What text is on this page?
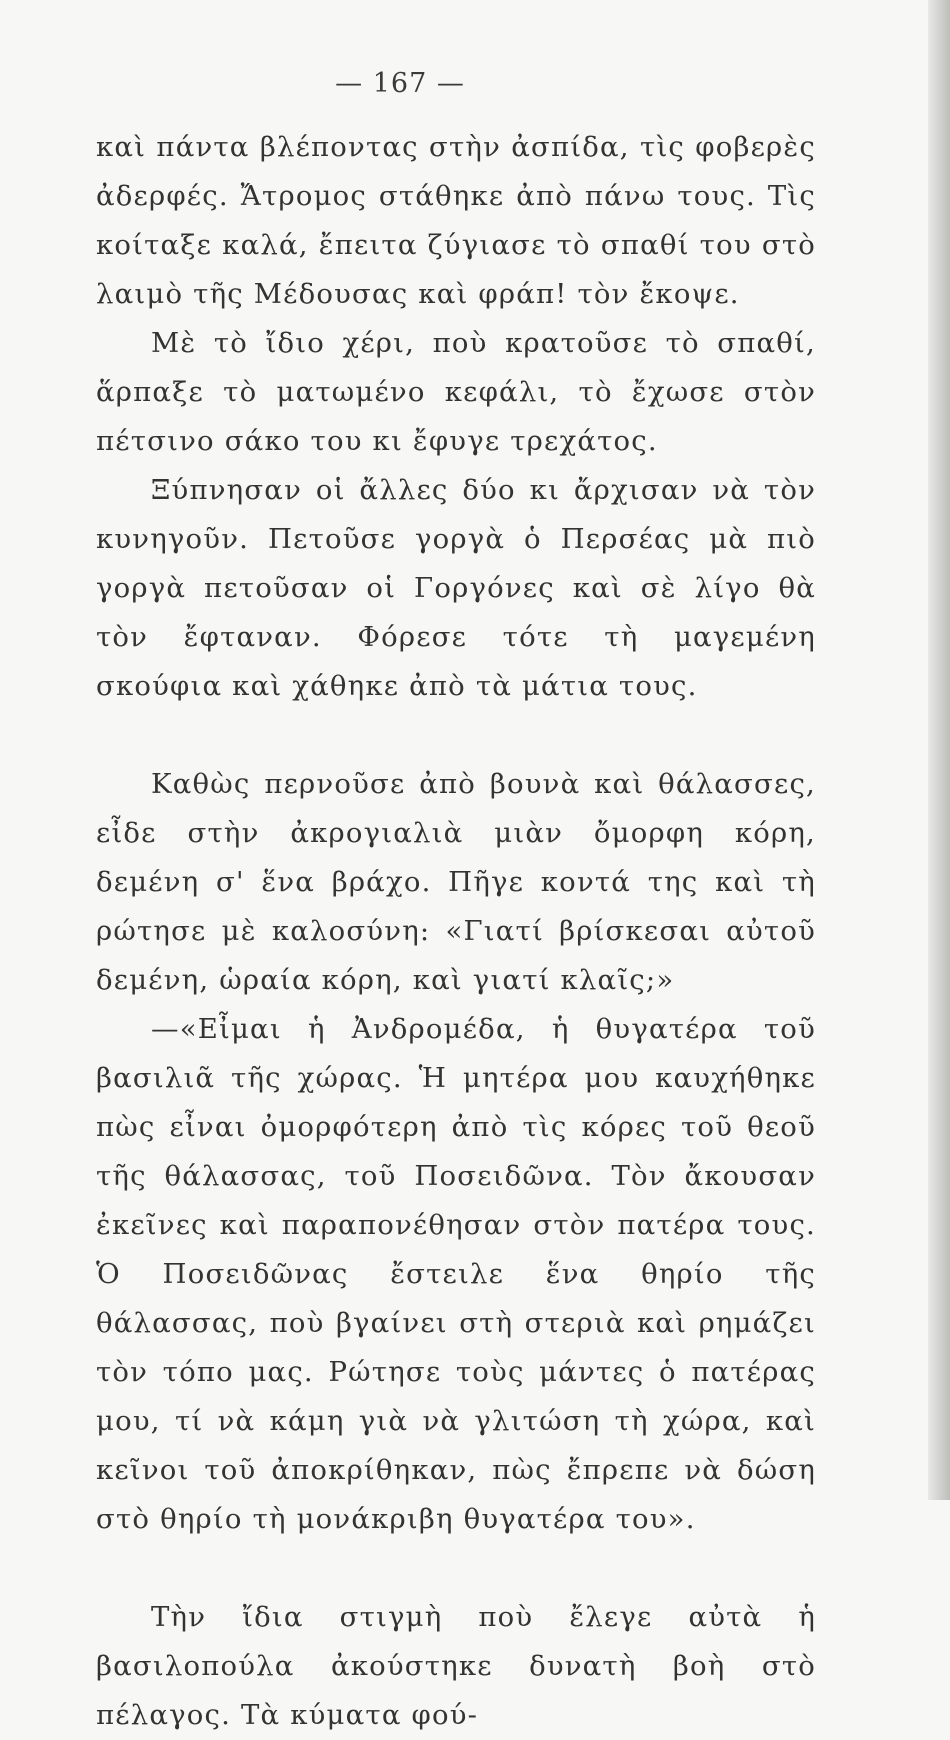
— 167 —

καὶ πάντα βλέποντας στὴν ἀσπίδα, τὶς φοβερὲς ἀδερφές. Ἄτρομος στάθηκε ἀπὸ πάνω τους. Τὶς κοίταξε καλά, ἔπειτα ζύγιασε τὸ σπαθί του στὸ λαιμὸ τῆς Μέδουσας καὶ φράπ! τὸν ἔκοψε.

Μὲ τὸ ἴδιο χέρι, ποὺ κρατοῦσε τὸ σπαθί, ἅρπαξε τὸ ματωμένο κεφάλι, τὸ ἔχωσε στὸν πέτσινο σάκο του κι ἔφυγε τρεχάτος.

Ξύπνησαν οἱ ἄλλες δύο κι ἄρχισαν νὰ τὸν κυνηγοῦν. Πετοῦσε γοργὰ ὁ Περσέας μὰ πιὸ γοργὰ πετοῦσαν οἱ Γοργόνες καὶ σὲ λίγο θὰ τὸν ἔφταναν. Φόρεσε τότε τὴ μαγεμένη σκούφια καὶ χάθηκε ἀπὸ τὰ μάτια τους.

Καθὼς περνοῦσε ἀπὸ βουνὰ καὶ θάλασσες, εἶδε στὴν ἀκρογιαλιὰ μιὰν ὄμορφη κόρη, δεμένη σ' ἕνα βράχο. Πῆγε κοντά της καὶ τὴ ρώτησε μὲ καλοσύνη: «Γιατί βρίσκεσαι αὐτοῦ δεμένη, ὡραία κόρη, καὶ γιατί κλαῖς;»

—«Εἶμαι ἡ Ἀνδρομέδα, ἡ θυγατέρα τοῦ βασιλιᾶ τῆς χώρας. Ἡ μητέρα μου καυχήθηκε πὼς εἶναι ὀμορφότερη ἀπὸ τὶς κόρες τοῦ θεοῦ τῆς θάλασσας, τοῦ Ποσειδῶνα. Τὸν ἄκουσαν ἐκεῖνες καὶ παραπονέθησαν στὸν πατέρα τους. Ὁ Ποσειδῶνας ἔστειλε ἕνα θηρίο τῆς θάλασσας, ποὺ βγαίνει στὴ στεριὰ καὶ ρημάζει τὸν τόπο μας. Ρώτησε τοὺς μάντες ὁ πατέρας μου, τί νὰ κάμη γιὰ νὰ γλιτώση τὴ χώρα, καὶ κεῖνοι τοῦ ἀποκρίθηκαν, πὼς ἔπρεπε νὰ δώση στὸ θηρίο τὴ μονάκριβη θυγατέρα του».

Τὴν ἴδια στιγμὴ ποὺ ἔλεγε αὐτὰ ἡ βασιλοπούλα ἀκούστηκε δυνατὴ βοὴ στὸ πέλαγος. Τὰ κύματα φού-
